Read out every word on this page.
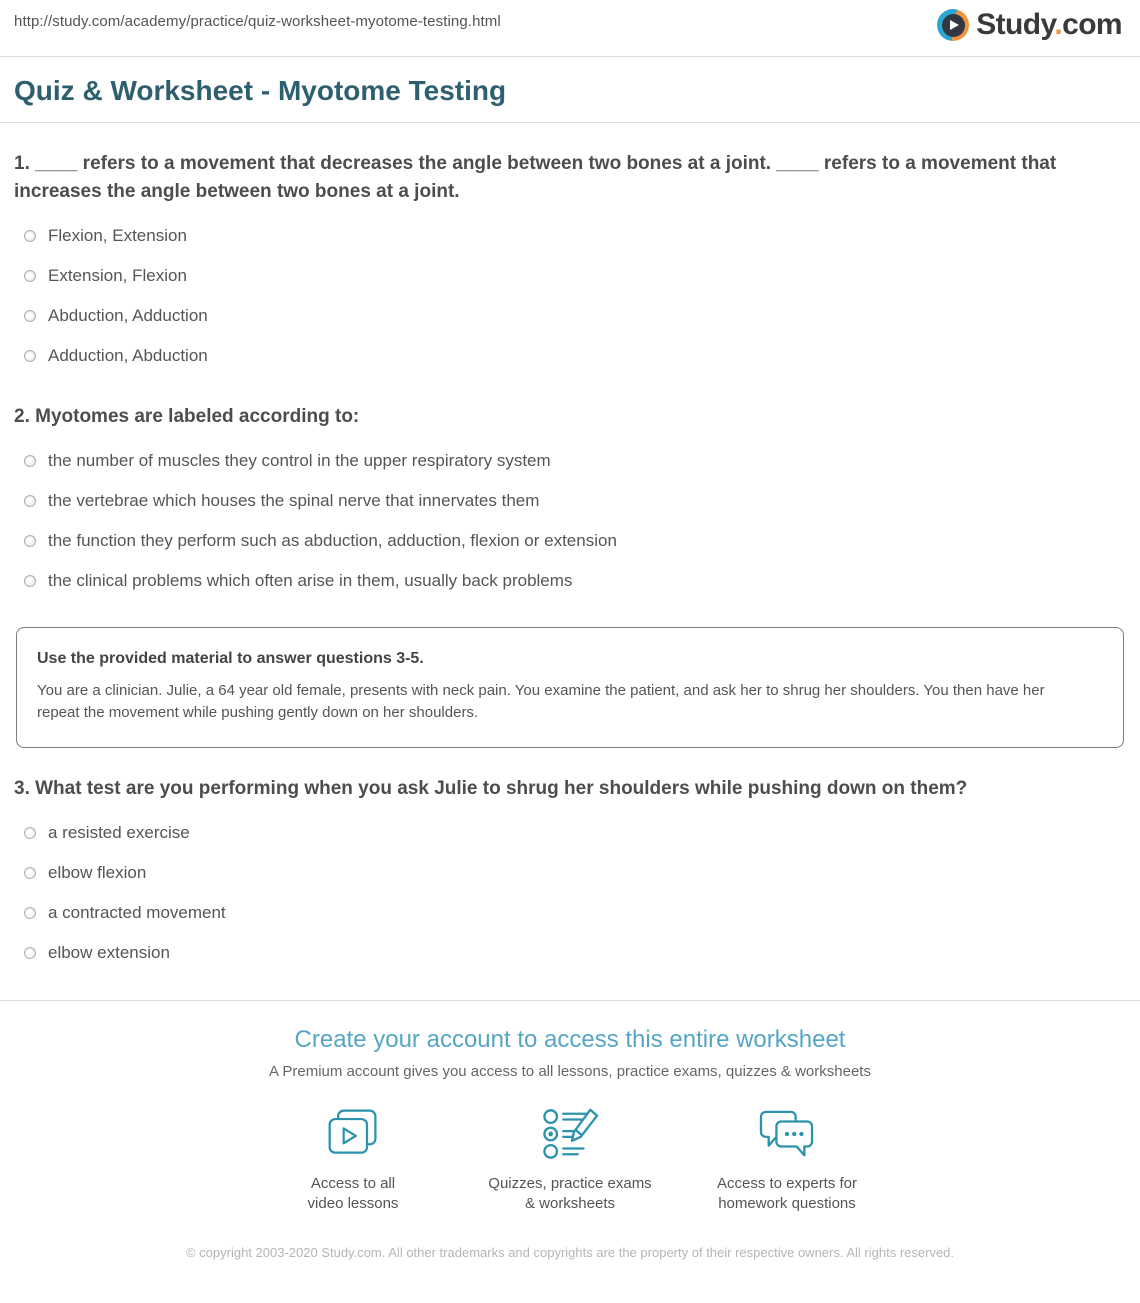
http://study.com/academy/practice/quiz-worksheet-myotome-testing.html	Study.com
Quiz & Worksheet - Myotome Testing
1. ____ refers to a movement that decreases the angle between two bones at a joint. ____ refers to a movement that increases the angle between two bones at a joint.
Flexion, Extension
Extension, Flexion
Abduction, Adduction
Adduction, Abduction
2. Myotomes are labeled according to:
the number of muscles they control in the upper respiratory system
the vertebrae which houses the spinal nerve that innervates them
the function they perform such as abduction, adduction, flexion or extension
the clinical problems which often arise in them, usually back problems
Use the provided material to answer questions 3-5.
You are a clinician. Julie, a 64 year old female, presents with neck pain. You examine the patient, and ask her to shrug her shoulders. You then have her repeat the movement while pushing gently down on her shoulders.
3. What test are you performing when you ask Julie to shrug her shoulders while pushing down on them?
a resisted exercise
elbow flexion
a contracted movement
elbow extension
Create your account to access this entire worksheet
A Premium account gives you access to all lessons, practice exams, quizzes & worksheets
Access to all
video lessons
Quizzes, practice exams
& worksheets
Access to experts for
homework questions
© copyright 2003-2020 Study.com. All other trademarks and copyrights are the property of their respective owners. All rights reserved.
